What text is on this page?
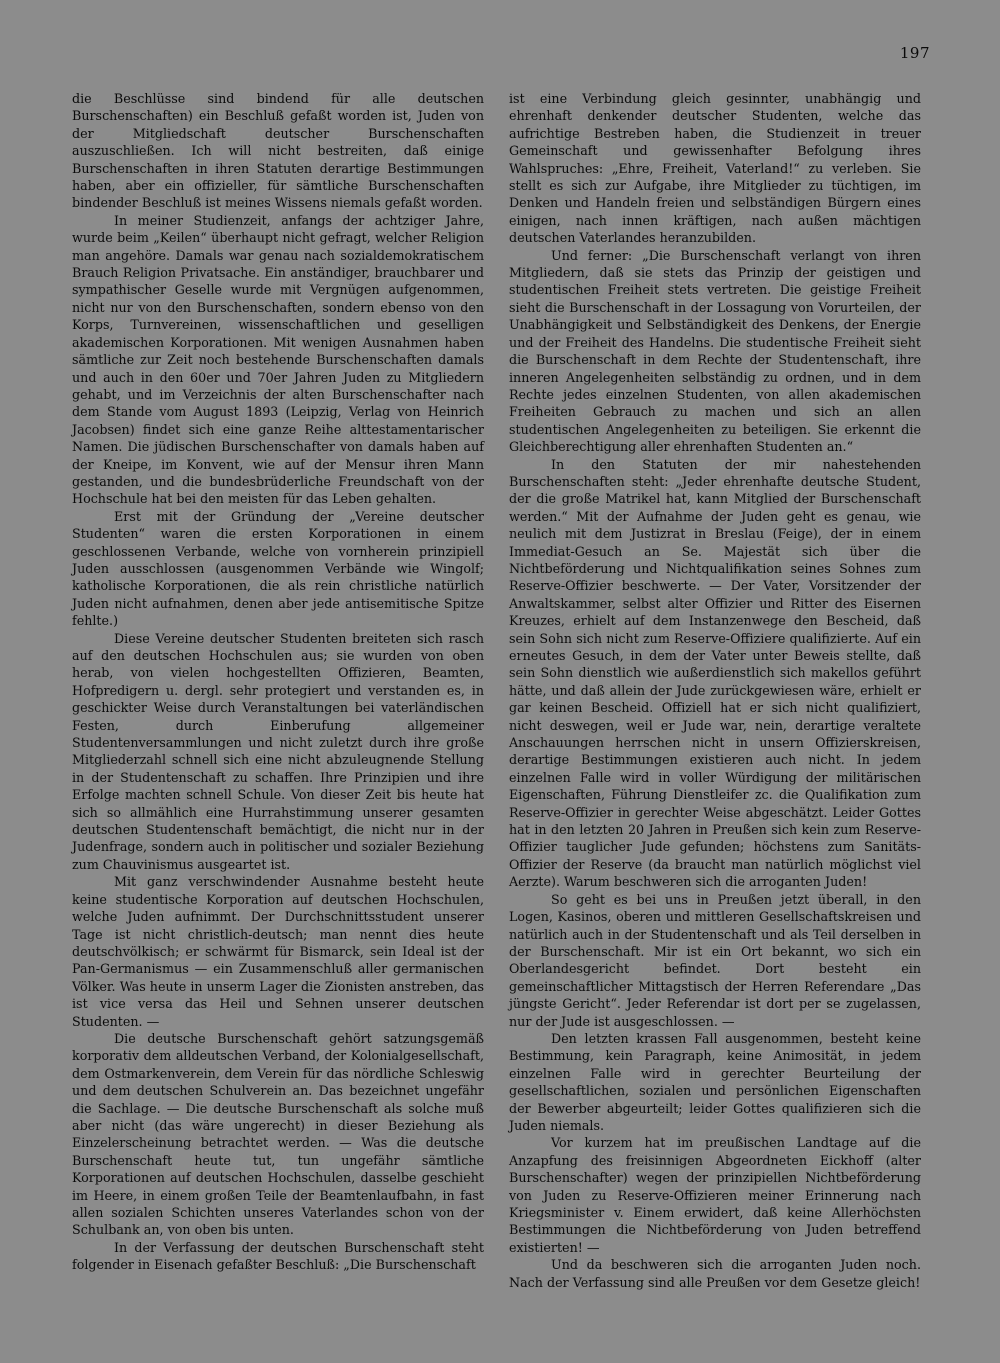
197

die Beschlüsse sind bindend für alle deutschen Burschenschaften) ein Beschluß gefaßt worden ist, Juden von der Mitgliedschaft deutscher Burschenschaften auszuschließen. Ich will nicht bestreiten, daß einige Burschenschaften in ihren Statuten derartige Bestimmungen haben, aber ein offizieller, für sämtliche Burschenschaften bindender Beschluß ist meines Wissens niemals gefaßt worden.

In meiner Studienzeit, anfangs der achtziger Jahre, wurde beim „Keilen“ überhaupt nicht gefragt, welcher Religion man angehöre. Damals war genau nach sozialdemokratischem Brauch Religion Privatsache. Ein anständiger, brauchbarer und sympathischer Geselle wurde mit Vergnügen aufgenommen, nicht nur von den Burschenschaften, sondern ebenso von den Korps, Turnvereinen, wissenschaftlichen und geselligen akademischen Korporationen. Mit wenigen Ausnahmen haben sämtliche zur Zeit noch bestehende Burschenschaften damals und auch in den 60er und 70er Jahren Juden zu Mitgliedern gehabt, und im Verzeichnis der alten Burschenschafter nach dem Stande vom August 1893 (Leipzig, Verlag von Heinrich Jacobsen) findet sich eine ganze Reihe alttestamentarischer Namen. Die jüdischen Burschenschafter von damals haben auf der Kneipe, im Konvent, wie auf der Mensur ihren Mann gestanden, und die bundesbrüderliche Freundschaft von der Hochschule hat bei den meisten für das Leben gehalten.

Erst mit der Gründung der „Vereine deutscher Studenten“ waren die ersten Korporationen in einem geschlossenen Verbande, welche von vornherein prinzipiell Juden ausschlossen (ausgenommen Verbände wie Wingolf; katholische Korporationen, die als rein christliche natürlich Juden nicht aufnahmen, denen aber jede antisemitische Spitze fehlte.)

Diese Vereine deutscher Studenten breiteten sich rasch auf den deutschen Hochschulen aus; sie wurden von oben herab, von vielen hochgestellten Offizieren, Beamten, Hofpredigern u. dergl. sehr protegiert und verstanden es, in geschickter Weise durch Veranstaltungen bei vaterländischen Festen, durch Einberufung allgemeiner Studentenversammlungen und nicht zuletzt durch ihre große Mitgliederzahl schnell sich eine nicht abzuleugnende Stellung in der Studentenschaft zu schaffen. Ihre Prinzipien und ihre Erfolge machten schnell Schule. Von dieser Zeit bis heute hat sich so allmählich eine Hurrahstimmung unserer gesamten deutschen Studentenschaft bemächtigt, die nicht nur in der Judenfrage, sondern auch in politischer und sozialer Beziehung zum Chauvinismus ausgeartet ist.

Mit ganz verschwindender Ausnahme besteht heute keine studentische Korporation auf deutschen Hochschulen, welche Juden aufnimmt. Der Durchschnittsstudent unserer Tage ist nicht christlich-deutsch; man nennt dies heute deutschvölkisch; er schwärmt für Bismarck, sein Ideal ist der Pan-Germanismus — ein Zusammenschluß aller germanischen Völker. Was heute in unserm Lager die Zionisten anstreben, das ist vice versa das Heil und Sehnen unserer deutschen Studenten. —

Die deutsche Burschenschaft gehört satzungsgemäß korporativ dem alldeutschen Verband, der Kolonialgesellschaft, dem Ostmarkenverein, dem Verein für das nördliche Schleswig und dem deutschen Schulverein an. Das bezeichnet ungefähr die Sachlage. — Die deutsche Burschenschaft als solche muß aber nicht (das wäre ungerecht) in dieser Beziehung als Einzelerscheinung betrachtet werden. — Was die deutsche Burschenschaft heute tut, tun ungefähr sämtliche Korporationen auf deutschen Hochschulen, dasselbe geschieht im Heere, in einem großen Teile der Beamtenlaufbahn, in fast allen sozialen Schichten unseres Vaterlandes schon von der Schulbank an, von oben bis unten.

In der Verfassung der deutschen Burschenschaft steht folgender in Eisenach gefaßter Beschluß: „Die Burschenschaft

ist eine Verbindung gleich gesinnter, unabhängig und ehrenhaft denkender deutscher Studenten, welche das aufrichtige Bestreben haben, die Studienzeit in treuer Gemeinschaft und gewissenhafter Befolgung ihres Wahlspruches: „Ehre, Freiheit, Vaterland!“ zu verleben. Sie stellt es sich zur Aufgabe, ihre Mitglieder zu tüchtigen, im Denken und Handeln freien und selbständigen Bürgern eines einigen, nach innen kräftigen, nach außen mächtigen deutschen Vaterlandes heranzubilden.

Und ferner: „Die Burschenschaft verlangt von ihren Mitgliedern, daß sie stets das Prinzip der geistigen und studentischen Freiheit stets vertreten. Die geistige Freiheit sieht die Burschenschaft in der Lossagung von Vorurteilen, der Unabhängigkeit und Selbständigkeit des Denkens, der Energie und der Freiheit des Handelns. Die studentische Freiheit sieht die Burschenschaft in dem Rechte der Studentenschaft, ihre inneren Angelegenheiten selbständig zu ordnen, und in dem Rechte jedes einzelnen Studenten, von allen akademischen Freiheiten Gebrauch zu machen und sich an allen studentischen Angelegenheiten zu beteiligen. Sie erkennt die Gleichberechtigung aller ehrenhaften Studenten an.“

In den Statuten der mir nahestehenden Burschenschaften steht: „Jeder ehrenhafte deutsche Student, der die große Matrikel hat, kann Mitglied der Burschenschaft werden.“ Mit der Aufnahme der Juden geht es genau, wie neulich mit dem Justizrat in Breslau (Feige), der in einem Immediat-Gesuch an Se. Majestät sich über die Nichtbeförderung und Nichtqualifikation seines Sohnes zum Reserve-Offizier beschwerte. — Der Vater, Vorsitzender der Anwaltskammer, selbst alter Offizier und Ritter des Eisernen Kreuzes, erhielt auf dem Instanzenwege den Bescheid, daß sein Sohn sich nicht zum Reserve-Offiziere qualifizierte. Auf ein erneutes Gesuch, in dem der Vater unter Beweis stellte, daß sein Sohn dienstlich wie außerdienstlich sich makellos geführt hätte, und daß allein der Jude zurückgewiesen wäre, erhielt er gar keinen Bescheid. Offiziell hat er sich nicht qualifiziert, nicht deswegen, weil er Jude war, nein, derartige veraltete Anschauungen herrschen nicht in unsern Offizierskreisen, derartige Bestimmungen existieren auch nicht. In jedem einzelnen Falle wird in voller Würdigung der militärischen Eigenschaften, Führung Dienstleifer zc. die Qualifikation zum Reserve-Offizier in gerechter Weise abgeschätzt. Leider Gottes hat in den letzten 20 Jahren in Preußen sich kein zum Reserve-Offizier tauglicher Jude gefunden; höchstens zum Sanitäts-Offizier der Reserve (da braucht man natürlich möglichst viel Aerzte). Warum beschweren sich die arroganten Juden!

So geht es bei uns in Preußen jetzt überall, in den Logen, Kasinos, oberen und mittleren Gesellschaftskreisen und natürlich auch in der Studentenschaft und als Teil derselben in der Burschenschaft. Mir ist ein Ort bekannt, wo sich ein Oberlandesgericht befindet. Dort besteht ein gemeinschaftlicher Mittagstisch der Herren Referendare „Das jüngste Gericht“. Jeder Referendar ist dort per se zugelassen, nur der Jude ist ausgeschlossen. —

Den letzten krassen Fall ausgenommen, besteht keine Bestimmung, kein Paragraph, keine Animosität, in jedem einzelnen Falle wird in gerechter Beurteilung der gesellschaftlichen, sozialen und persönlichen Eigenschaften der Bewerber abgeurteilt; leider Gottes qualifizieren sich die Juden niemals.

Vor kurzem hat im preußischen Landtage auf die Anzapfung des freisinnigen Abgeordneten Eickhoff (alter Burschenschafter) wegen der prinzipiellen Nichtbeförderung von Juden zu Reserve-Offizieren meiner Erinnerung nach Kriegsminister v. Einem erwidert, daß keine Allerhöchsten Bestimmungen die Nichtbeförderung von Juden betreffend existierten! —

Und da beschweren sich die arroganten Juden noch. Nach der Verfassung sind alle Preußen vor dem Gesetze gleich!
